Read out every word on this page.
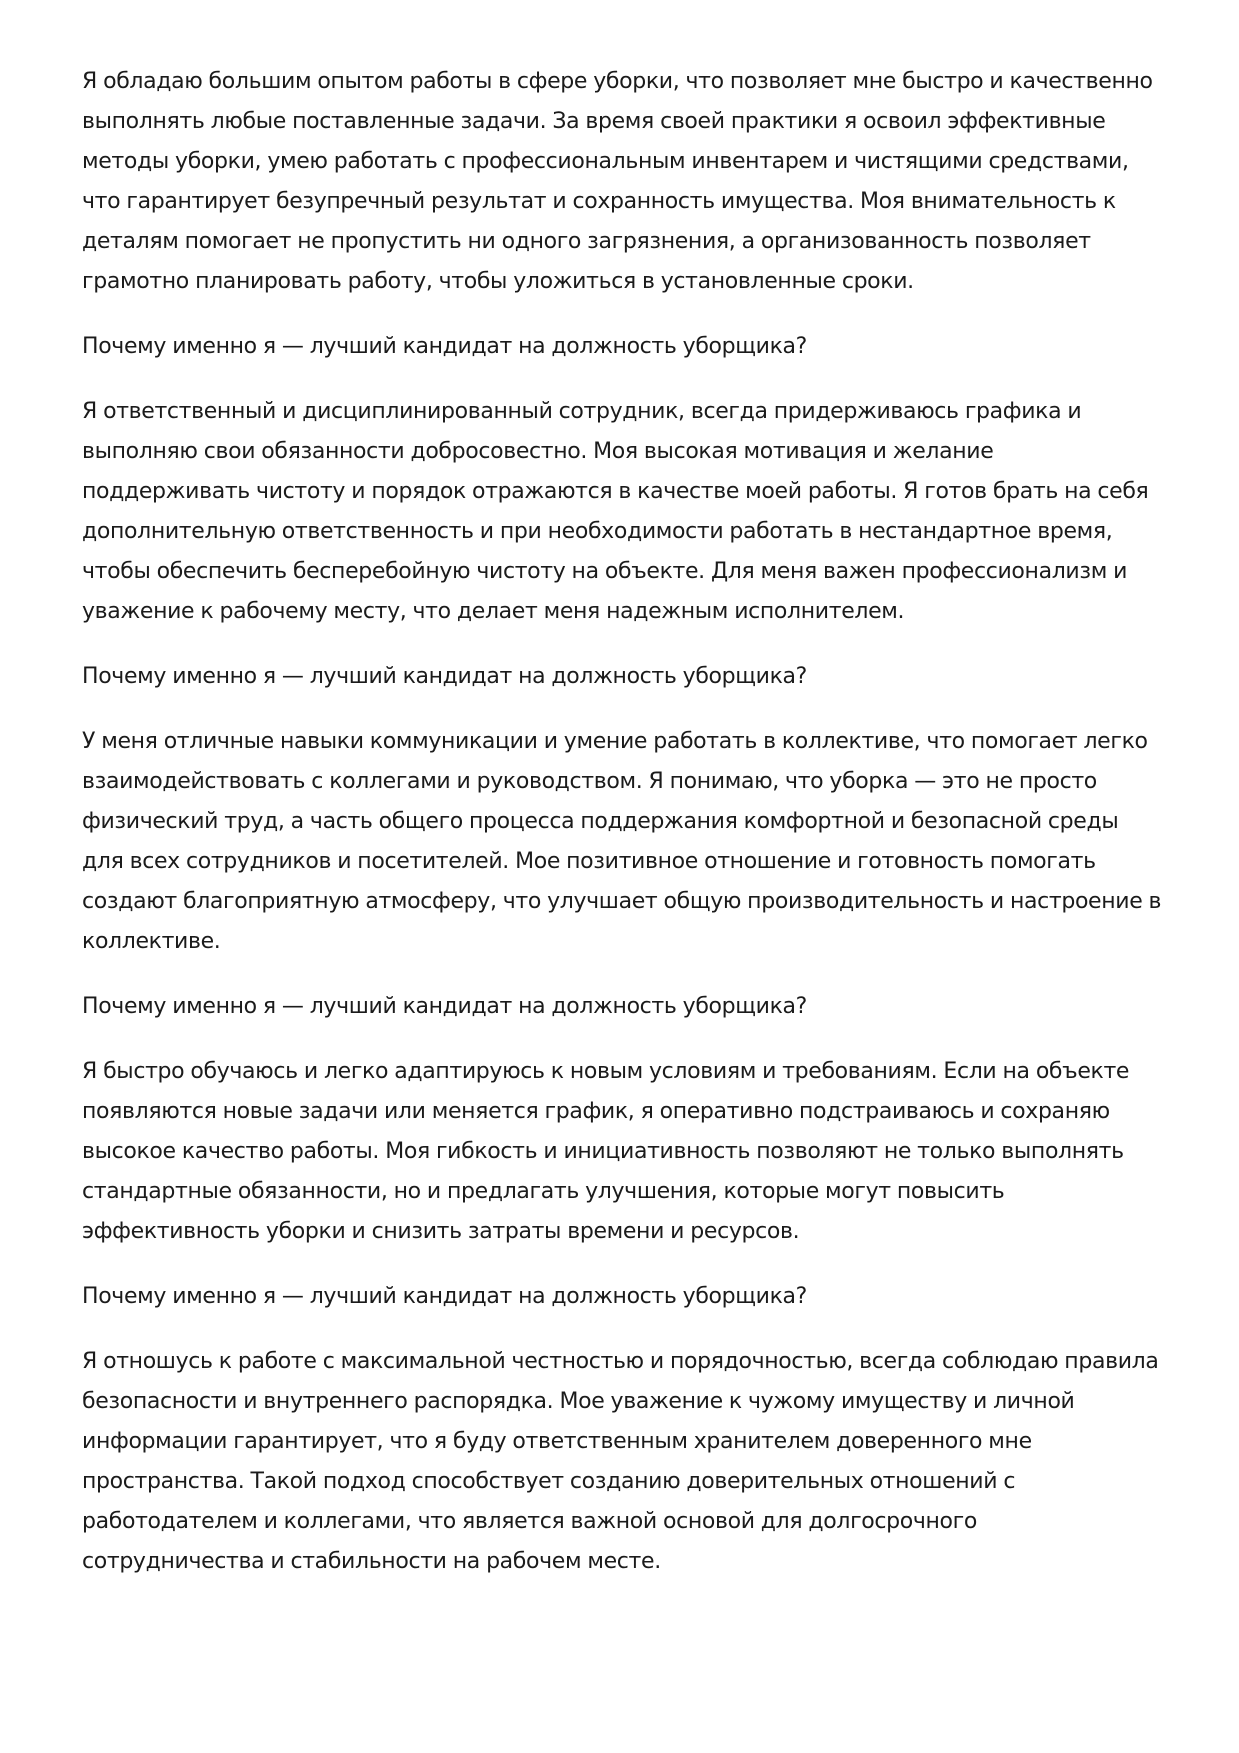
Я обладаю большим опытом работы в сфере уборки, что позволяет мне быстро и качественно выполнять любые поставленные задачи. За время своей практики я освоил эффективные методы уборки, умею работать с профессиональным инвентарем и чистящими средствами, что гарантирует безупречный результат и сохранность имущества. Моя внимательность к деталям помогает не пропустить ни одного загрязнения, а организованность позволяет грамотно планировать работу, чтобы уложиться в установленные сроки.

Почему именно я — лучший кандидат на должность уборщика?

Я ответственный и дисциплинированный сотрудник, всегда придерживаюсь графика и выполняю свои обязанности добросовестно. Моя высокая мотивация и желание поддерживать чистоту и порядок отражаются в качестве моей работы. Я готов брать на себя дополнительную ответственность и при необходимости работать в нестандартное время, чтобы обеспечить бесперебойную чистоту на объекте. Для меня важен профессионализм и уважение к рабочему месту, что делает меня надежным исполнителем.

Почему именно я — лучший кандидат на должность уборщика?

У меня отличные навыки коммуникации и умение работать в коллективе, что помогает легко взаимодействовать с коллегами и руководством. Я понимаю, что уборка — это не просто физический труд, а часть общего процесса поддержания комфортной и безопасной среды для всех сотрудников и посетителей. Мое позитивное отношение и готовность помогать создают благоприятную атмосферу, что улучшает общую производительность и настроение в коллективе.

Почему именно я — лучший кандидат на должность уборщика?

Я быстро обучаюсь и легко адаптируюсь к новым условиям и требованиям. Если на объекте появляются новые задачи или меняется график, я оперативно подстраиваюсь и сохраняю высокое качество работы. Моя гибкость и инициативность позволяют не только выполнять стандартные обязанности, но и предлагать улучшения, которые могут повысить эффективность уборки и снизить затраты времени и ресурсов.

Почему именно я — лучший кандидат на должность уборщика?

Я отношусь к работе с максимальной честностью и порядочностью, всегда соблюдаю правила безопасности и внутреннего распорядка. Мое уважение к чужому имуществу и личной информации гарантирует, что я буду ответственным хранителем доверенного мне пространства. Такой подход способствует созданию доверительных отношений с работодателем и коллегами, что является важной основой для долгосрочного сотрудничества и стабильности на рабочем месте.
